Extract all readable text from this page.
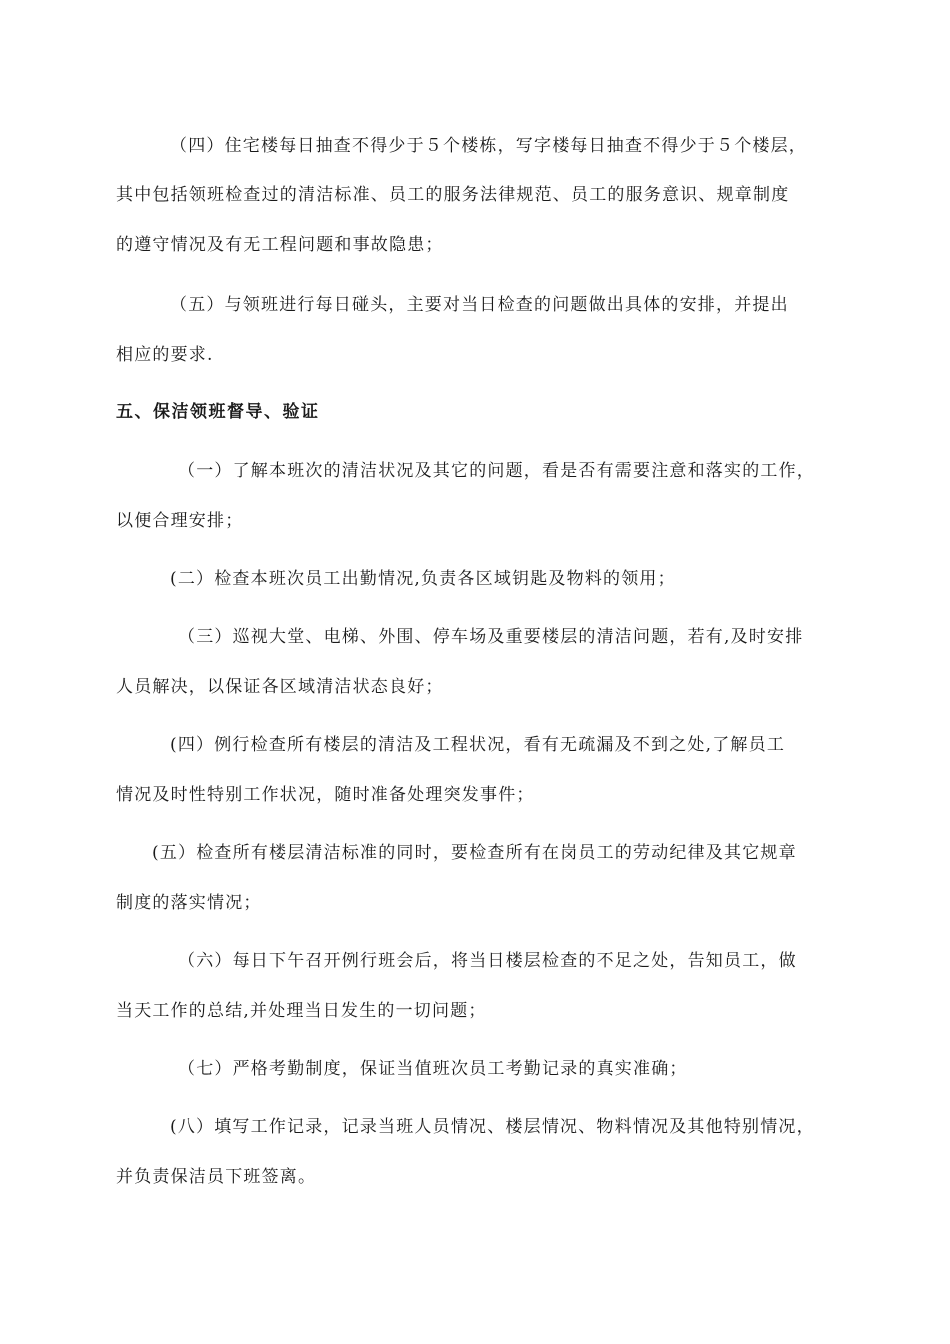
（四）住宅楼每日抽查不得少于５个楼栋，写字楼每日抽查不得少于５个楼层，
其中包括领班检查过的清洁标准、员工的服务法律规范、员工的服务意识、规章制度
的遵守情况及有无工程问题和事故隐患；
（五）与领班进行每日碰头，主要对当日检查的问题做出具体的安排，并提出
相应的要求.
五、保洁领班督导、验证
（一）了解本班次的清洁状况及其它的问题，看是否有需要注意和落实的工作，
以便合理安排；
(二）检查本班次员工出勤情况,负责各区域钥匙及物料的领用；
（三）巡视大堂、电梯、外围、停车场及重要楼层的清洁问题，若有,及时安排
人员解决，以保证各区域清洁状态良好；
(四）例行检查所有楼层的清洁及工程状况，看有无疏漏及不到之处,了解员工
情况及时性特别工作状况，随时准备处理突发事件；
(五）检查所有楼层清洁标准的同时，要检查所有在岗员工的劳动纪律及其它规章
制度的落实情况；
（六）每日下午召开例行班会后，将当日楼层检查的不足之处，告知员工，做
当天工作的总结,并处理当日发生的一切问题；
（七）严格考勤制度，保证当值班次员工考勤记录的真实准确；
(八）填写工作记录，记录当班人员情况、楼层情况、物料情况及其他特别情况，
并负责保洁员下班签离。
